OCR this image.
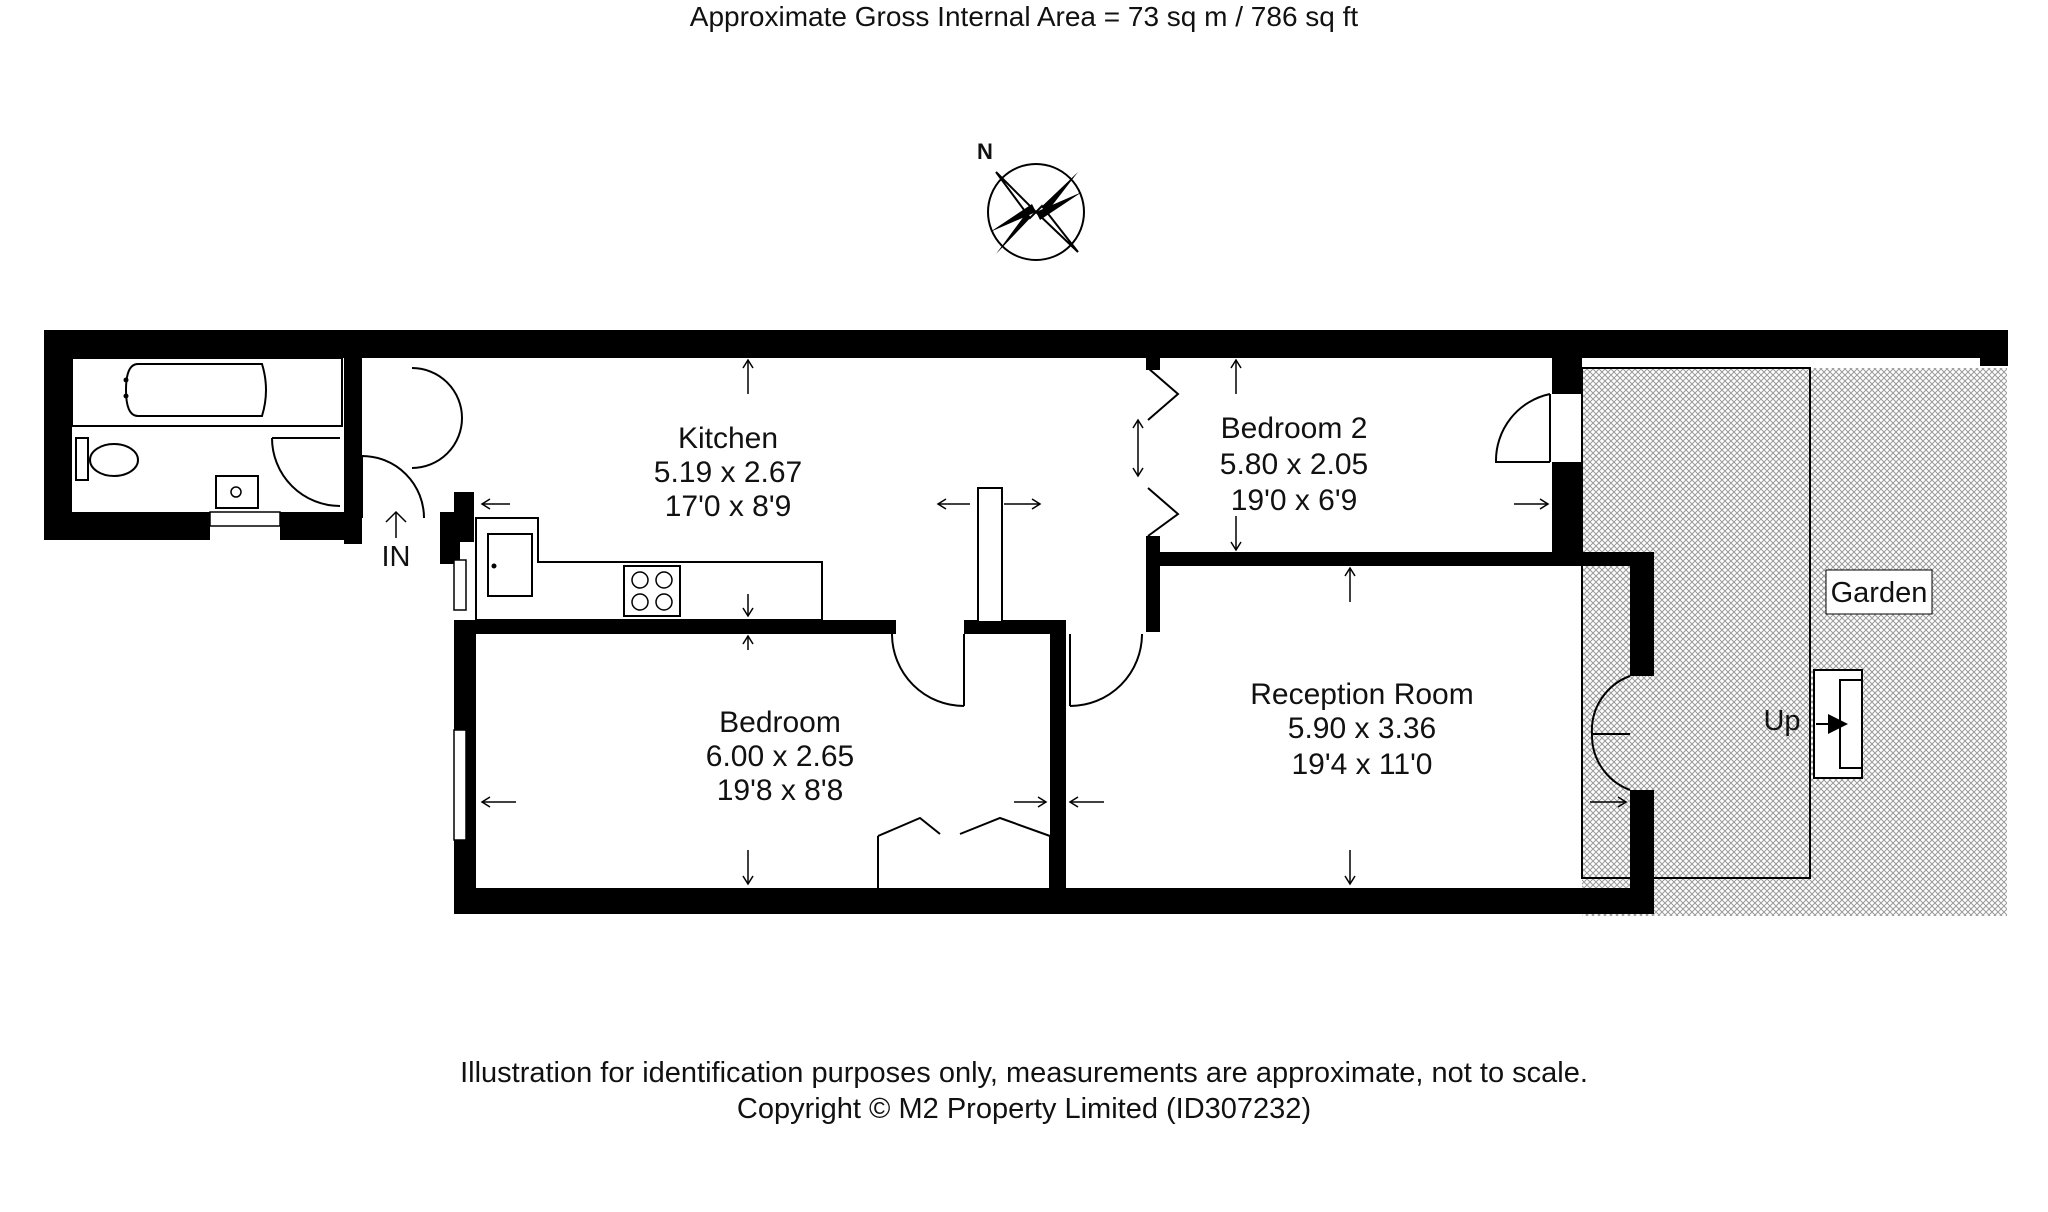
Approximate Gross Internal Area = 73 sq m / 786 sq ft
N
Garden
Up
IN
Kitchen
5.19 x 2.67
17'0 x 8'9
Bedroom 2
5.80 x 2.05
19'0 x 6'9
Bedroom
6.00 x 2.65
19'8 x 8'8
Reception Room
5.90 x 3.36
19'4 x 11'0
Illustration for identification purposes only, measurements are approximate, not to scale.
Copyright © M2 Property Limited (ID307232)
